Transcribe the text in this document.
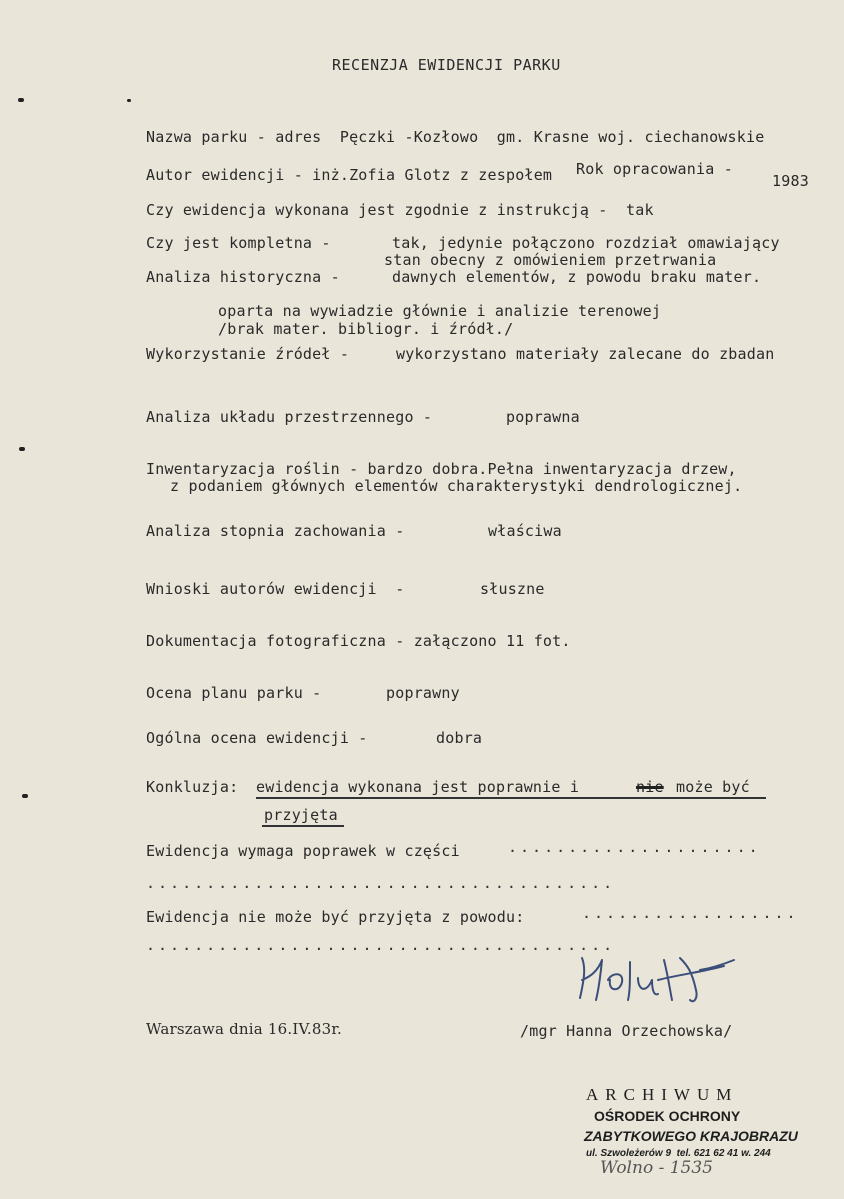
RECENZJA EWIDENCJI PARKU
Nazwa parku - adres  Pęczki -Kozłowo  gm. Krasne woj. ciechanowskie
Autor ewidencji - inż.Zofia Glotz z zespołem Rok opracowania -
1983
Czy ewidencja wykonana jest zgodnie z instrukcją -  tak
Czy jest kompletna -	tak, jedynie połączono rozdział omawiający
stan obecny z omówieniem przetrwania
Analiza historyczna -	dawnych elementów, z powodu braku mater.
oparta na wywiadzie głównie i analizie terenowej
/brak mater. bibliogr. i źródł./
Wykorzystanie źródeł -	wykorzystano materiały zalecane do zbadan
Analiza układu przestrzennego -	poprawna
Inwentaryzacja roślin - bardzo dobra.Pełna inwentaryzacja drzew,
z podaniem głównych elementów charakterystyki dendrologicznej.
Analiza stopnia zachowania -	właściwa
Wnioski autorów ewidencji  -	słuszne
Dokumentacja fotograficzna - załączono 11 fot.
Ocena planu parku -	poprawny
Ogólna ocena ewidencji -	dobra
Konkluzja: ewidencja wykonana jest poprawnie i	nie może być
przyjęta
Ewidencja wymaga poprawek w części	.....................
.......................................
Ewidencja nie może być przyjęta z powodu:	..................
.......................................
Warszawa dnia 16.IV.83r.	/mgr Hanna Orzechowska/
ARCHIWUM
OŚRODEK OCHRONY
ZABYTKOWEGO KRAJOBRAZU
ul. Szwoleżerów 9  tel. 621 62 41 w. 244
Wolno - 1535
